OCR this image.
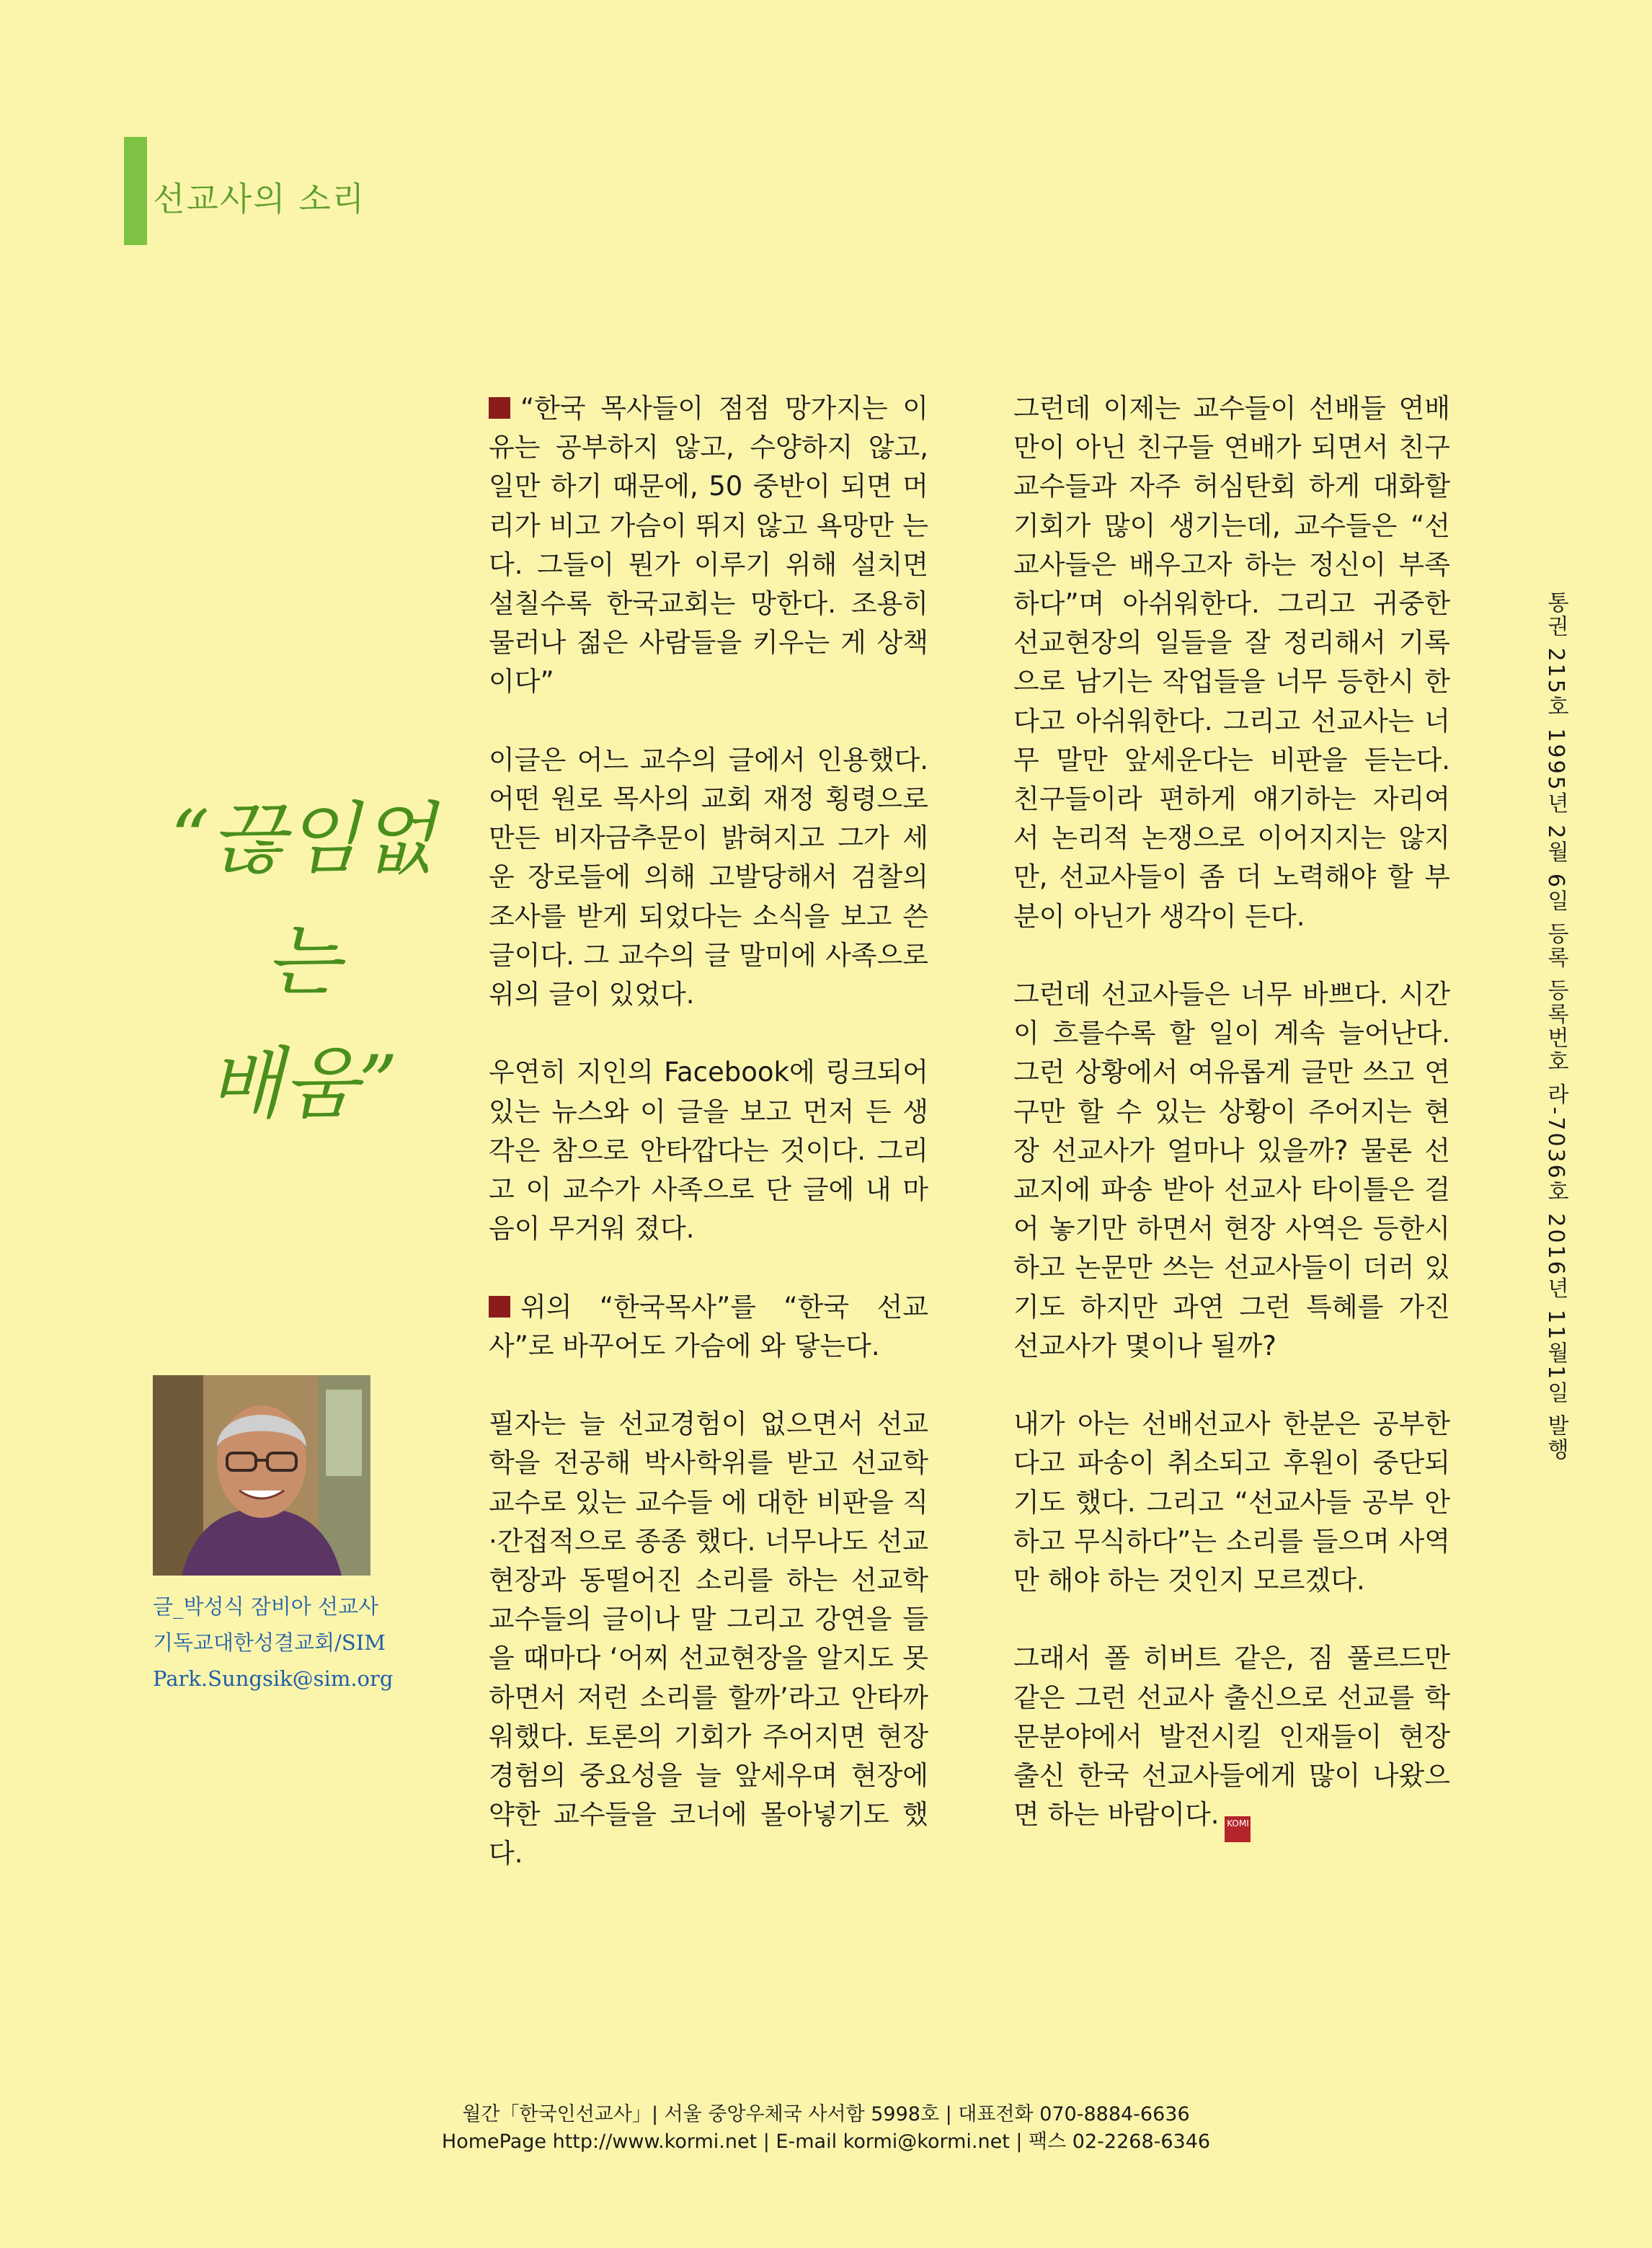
선교사의 소리
“끊임없는
배움”
글_박성식 잠비아 선교사
기독교대한성결교회/SIM
Park.Sungsik@sim.org

“한국 목사들이 점점 망가지는 이유는 공부하지 않고, 수양하지 않고, 일만 하기 때문에, 50 중반이 되면 머리가 비고 가슴이 뛰지 않고 욕망만 는다. 그들이 뭔가 이루기 위해 설치면 설칠수록 한국교회는 망한다. 조용히 물러나 젊은 사람들을 키우는 게 상책이다”

이글은 어느 교수의 글에서 인용했다. 어떤 원로 목사의 교회 재정 횡령으로 만든 비자금추문이 밝혀지고 그가 세운 장로들에 의해 고발당해서 검찰의 조사를 받게 되었다는 소식을 보고 쓴 글이다. 그 교수의 글 말미에 사족으로 위의 글이 있었다.

우연히 지인의 Facebook에 링크되어 있는 뉴스와 이 글을 보고 먼저 든 생각은 참으로 안타깝다는 것이다. 그리고 이 교수가 사족으로 단 글에 내 마음이 무거워 졌다.

위의 “한국목사”를 “한국 선교사”로 바꾸어도 가슴에 와 닿는다.

필자는 늘 선교경험이 없으면서 선교학을 전공해 박사학위를 받고 선교학 교수로 있는 교수들 에 대한 비판을 직·간접적으로 종종 했다. 너무나도 선교현장과 동떨어진 소리를 하는 선교학 교수들의 글이나 말 그리고 강연을 들을 때마다 ‘어찌 선교현장을 알지도 못하면서 저런 소리를 할까’라고 안타까워했다. 토론의 기회가 주어지면 현장경험의 중요성을 늘 앞세우며 현장에 약한 교수들을 코너에 몰아넣기도 했다.

그런데 이제는 교수들이 선배들 연배만이 아닌 친구들 연배가 되면서 친구 교수들과 자주 허심탄회 하게 대화할 기회가 많이 생기는데, 교수들은 “선교사들은 배우고자 하는 정신이 부족하다”며 아쉬워한다. 그리고 귀중한 선교현장의 일들을 잘 정리해서 기록으로 남기는 작업들을 너무 등한시 한다고 아쉬워한다. 그리고 선교사는 너무 말만 앞세운다는 비판을 듣는다. 친구들이라 편하게 얘기하는 자리여서 논리적 논쟁으로 이어지지는 않지만, 선교사들이 좀 더 노력해야 할 부분이 아닌가 생각이 든다.

그런데 선교사들은 너무 바쁘다. 시간이 흐를수록 할 일이 계속 늘어난다. 그런 상황에서 여유롭게 글만 쓰고 연구만 할 수 있는 상황이 주어지는 현장 선교사가 얼마나 있을까? 물론 선교지에 파송 받아 선교사 타이틀은 걸어 놓기만 하면서 현장 사역은 등한시하고 논문만 쓰는 선교사들이 더러 있기도 하지만 과연 그런 특혜를 가진 선교사가 몇이나 될까?

내가 아는 선배선교사 한분은 공부한다고 파송이 취소되고 후원이 중단되기도 했다. 그리고 “선교사들 공부 안하고 무식하다”는 소리를 들으며 사역만 해야 하는 것인지 모르겠다.

그래서 폴 히버트 같은, 짐 풀르드만 같은 그런 선교사 출신으로 선교를 학문분야에서 발전시킬 인재들이 현장 출신 한국 선교사들에게 많이 나왔으면 하는 바람이다. KOMI

통권 215호 1995년 2월 6일 등록 등록번호 라-7036호 2016년 11월1일 발행
월간「한국인선교사」| 서울 중앙우체국 사서함 5998호 | 대표전화 070-8884-6636
HomePage http://www.kormi.net | E-mail kormi@kormi.net | 팩스 02-2268-6346
